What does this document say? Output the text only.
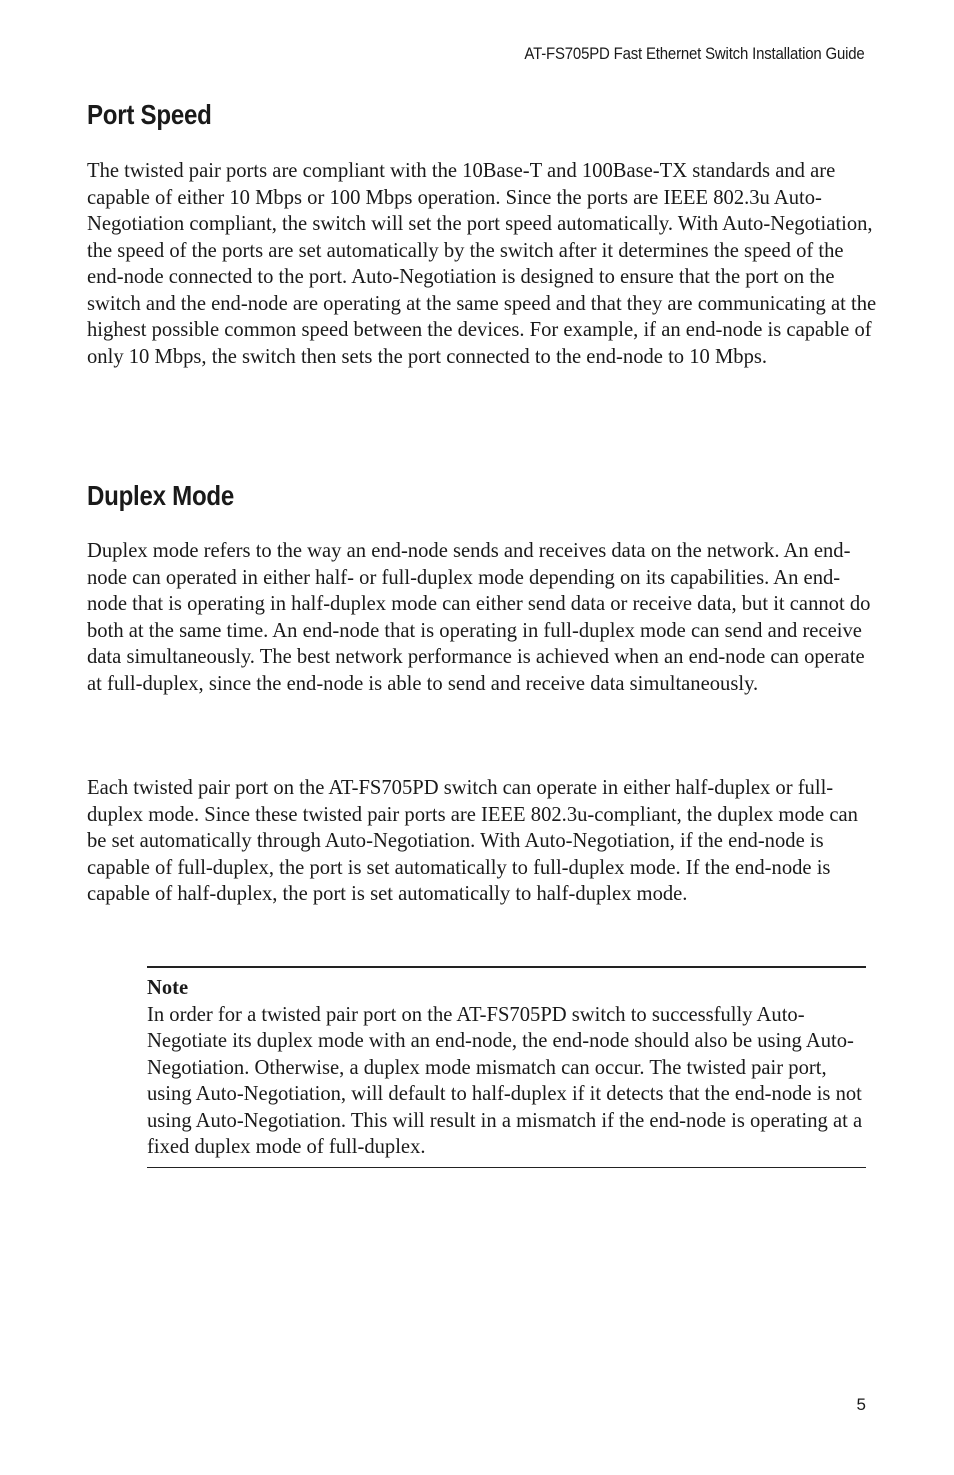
AT-FS705PD Fast Ethernet Switch Installation Guide
Port Speed

The twisted pair ports are compliant with the 10Base-T and 100Base-TX standards and are capable of either 10 Mbps or 100 Mbps operation. Since the ports are IEEE 802.3u Auto-Negotiation compliant, the switch will set the port speed automatically. With Auto-Negotiation, the speed of the ports are set automatically by the switch after it determines the speed of the end-node connected to the port. Auto-Negotiation is designed to ensure that the port on the switch and the end-node are operating at the same speed and that they are communicating at the highest possible common speed between the devices. For example, if an end-node is capable of only 10 Mbps, the switch then sets the port connected to the end-node to 10 Mbps.

Duplex Mode

Duplex mode refers to the way an end-node sends and receives data on the network. An end-node can operated in either half- or full-duplex mode depending on its capabilities. An end-node that is operating in half-duplex mode can either send data or receive data, but it cannot do both at the same time. An end-node that is operating in full-duplex mode can send and receive data simultaneously. The best network performance is achieved when an end-node can operate at full-duplex, since the end-node is able to send and receive data simultaneously.

Each twisted pair port on the AT-FS705PD switch can operate in either half-duplex or full-duplex mode. Since these twisted pair ports are IEEE 802.3u-compliant, the duplex mode can be set automatically through Auto-Negotiation. With Auto-Negotiation, if the end-node is capable of full-duplex, the port is set automatically to full-duplex mode. If the end-node is capable of half-duplex, the port is set automatically to half-duplex mode.

Note

In order for a twisted pair port on the AT-FS705PD switch to successfully Auto-Negotiate its duplex mode with an end-node, the end-node should also be using Auto-Negotiation. Otherwise, a duplex mode mismatch can occur. The twisted pair port, using Auto-Negotiation, will default to half-duplex if it detects that the end-node is not using Auto-Negotiation. This will result in a mismatch if the end-node is operating at a fixed duplex mode of full-duplex.

5
